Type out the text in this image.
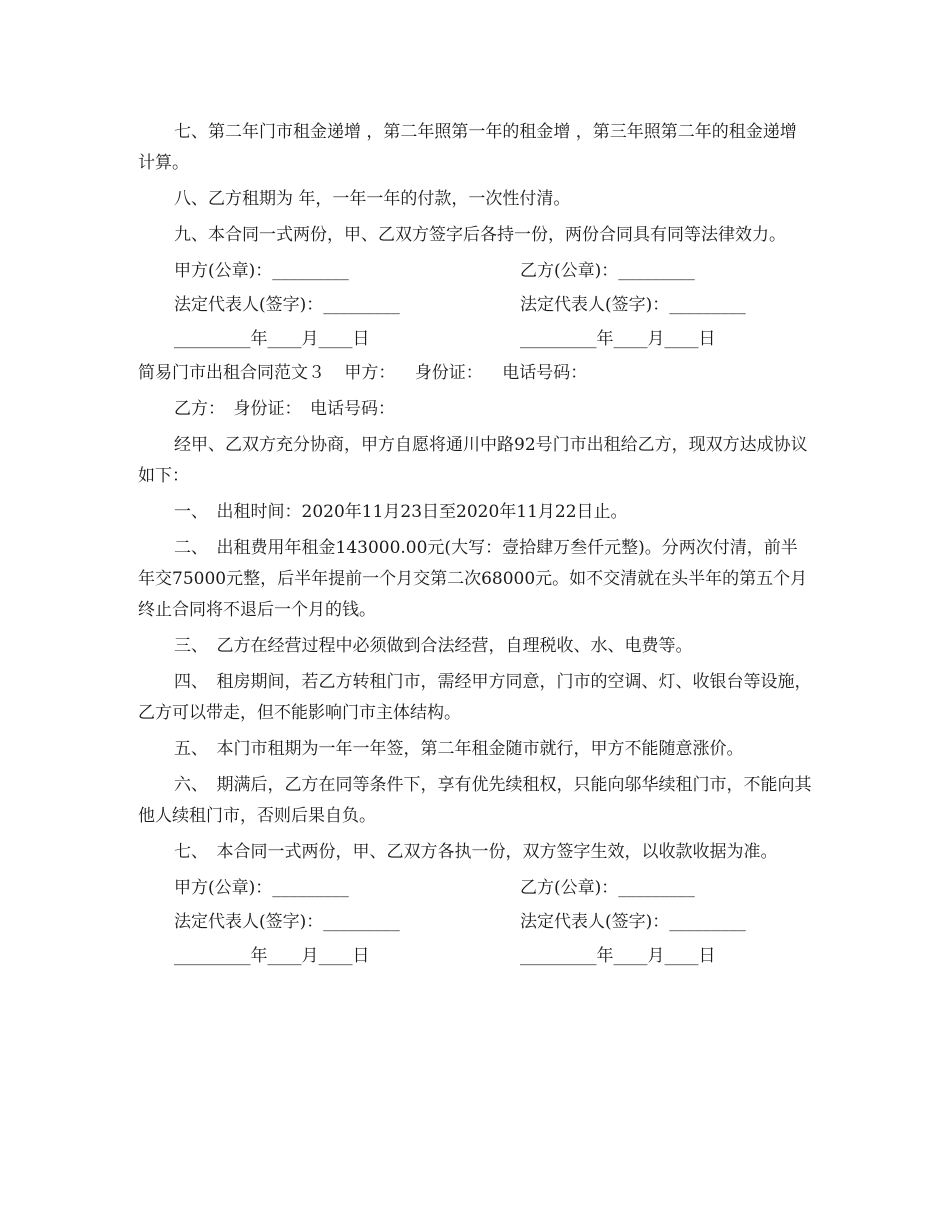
七、第二年门市租金递增 ，第二年照第一年的租金增 ，第三年照第二年的租金递增 计算。

八、乙方租期为 年，一年一年的付款，一次性付清。

九、本合同一式两份，甲、乙双方签字后各持一份，两份合同具有同等法律效力。

甲方(公章)：_________	乙方(公章)：_________
法定代表人(签字)：_________	法定代表人(签字)：_________
_________年____月____日	_________年____月____日
简易门市出租合同范文３ 甲方： 身份证： 电话号码：

乙方：　身份证：　电话号码：

经甲、乙双方充分协商，甲方自愿将通川中路92号门市出租给乙方，现双方达成协议如下：

一、　出租时间：2020年11月23日至2020年11月22日止。

二、　出租费用年租金143000.00元(大写：壹拾肆万叁仟元整)。分两次付清，前半年交75000元整，后半年提前一个月交第二次68000元。如不交清就在头半年的第五个月终止合同将不退后一个月的钱。

三、　乙方在经营过程中必须做到合法经营，自理税收、水、电费等。

四、　租房期间，若乙方转租门市，需经甲方同意，门市的空调、灯、收银台等设施，乙方可以带走，但不能影响门市主体结构。

五、　本门市租期为一年一年签，第二年租金随市就行，甲方不能随意涨价。

六、　期满后，乙方在同等条件下，享有优先续租权，只能向邬华续租门市，不能向其他人续租门市，否则后果自负。

七、　本合同一式两份，甲、乙双方各执一份，双方签字生效，以收款收据为准。

甲方(公章)：_________	乙方(公章)：_________
法定代表人(签字)：_________	法定代表人(签字)：_________
_________年____月____日	_________年____月____日
